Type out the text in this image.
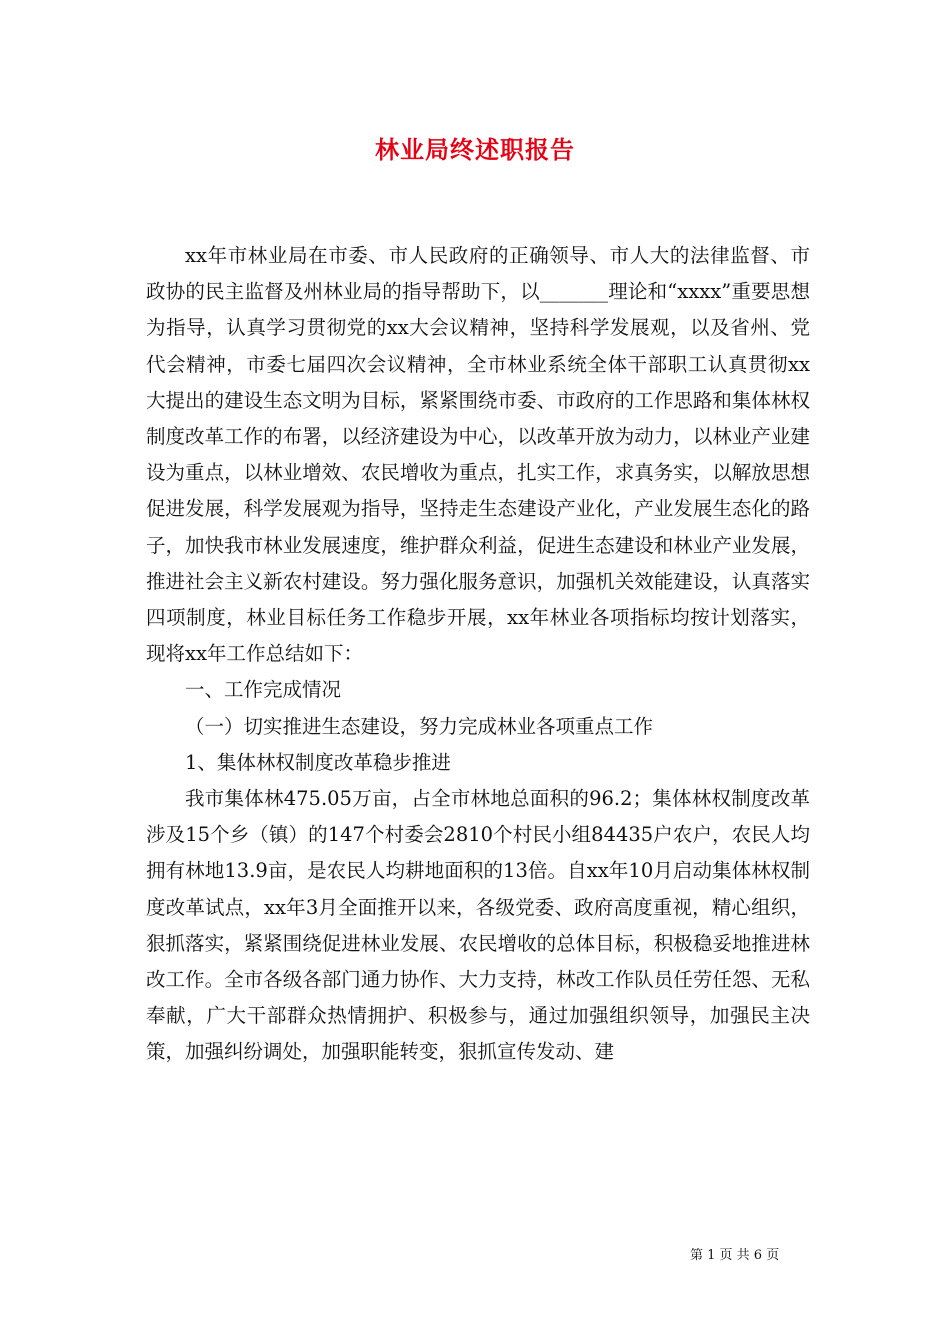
林业局终述职报告

xx年市林业局在市委、市人民政府的正确领导、市人大的法律监督、市政协的民主监督及州林业局的指导帮助下，以_______理论和“xxxx”重要思想为指导，认真学习贯彻党的xx大会议精神，坚持科学发展观，以及省州、党代会精神，市委七届四次会议精神，全市林业系统全体干部职工认真贯彻xx大提出的建设生态文明为目标，紧紧围绕市委、市政府的工作思路和集体林权制度改革工作的布署，以经济建设为中心，以改革开放为动力，以林业产业建设为重点，以林业增效、农民增收为重点，扎实工作，求真务实，以解放思想促进发展，科学发展观为指导，坚持走生态建设产业化，产业发展生态化的路子，加快我市林业发展速度，维护群众利益，促进生态建设和林业产业发展，推进社会主义新农村建设。努力强化服务意识，加强机关效能建设，认真落实四项制度，林业目标任务工作稳步开展，xx年林业各项指标均按计划落实，现将xx年工作总结如下：

一、工作完成情况

（一）切实推进生态建设，努力完成林业各项重点工作

1、集体林权制度改革稳步推进

我市集体林475.05万亩，占全市林地总面积的96.2；集体林权制度改革涉及15个乡（镇）的147个村委会2810个村民小组84435户农户，农民人均拥有林地13.9亩，是农民人均耕地面积的13倍。自xx年10月启动集体林权制度改革试点，xx年3月全面推开以来，各级党委、政府高度重视，精心组织，狠抓落实，紧紧围绕促进林业发展、农民增收的总体目标，积极稳妥地推进林改工作。全市各级各部门通力协作、大力支持，林改工作队员任劳任怨、无私奉献，广大干部群众热情拥护、积极参与，通过加强组织领导，加强民主决策，加强纠纷调处，加强职能转变，狠抓宣传发动、建

第 1 页 共 6 页
